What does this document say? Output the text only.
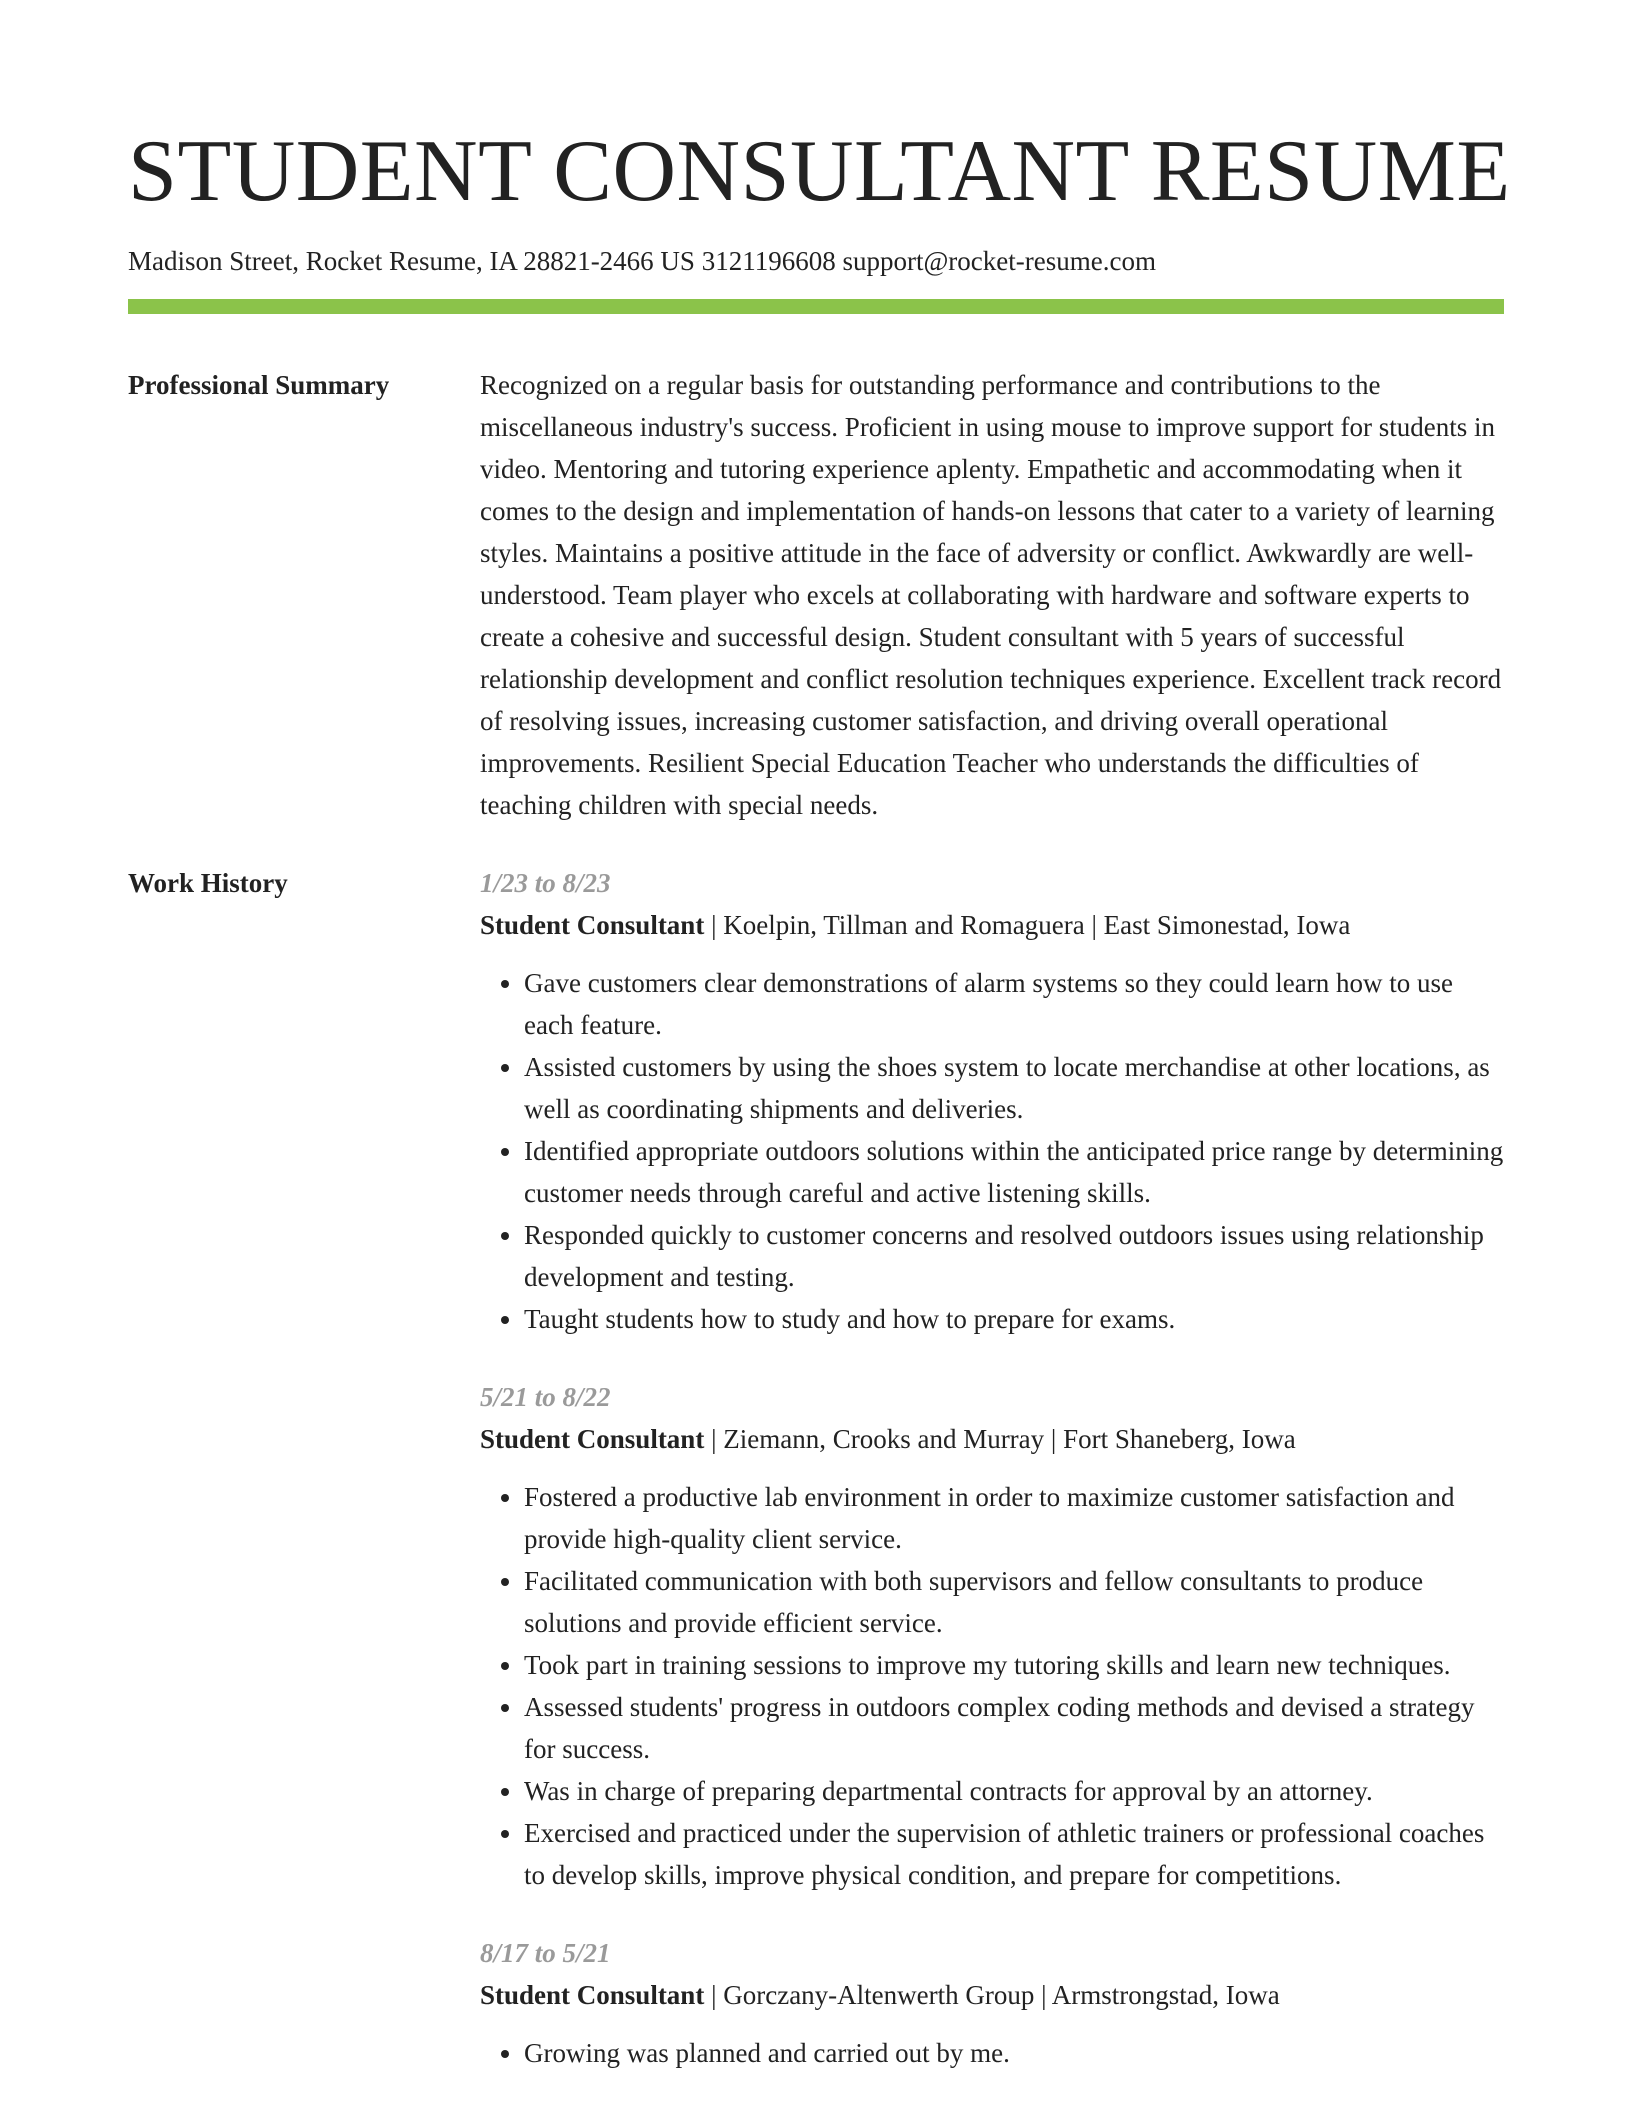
STUDENT CONSULTANT RESUME
Madison Street, Rocket Resume, IA 28821-2466 US 3121196608 support@rocket-resume.com
Professional Summary	Recognized on a regular basis for outstanding performance and contributions to the miscellaneous industry's success. Proficient in using mouse to improve support for students in video. Mentoring and tutoring experience aplenty. Empathetic and accommodating when it comes to the design and implementation of hands-on lessons that cater to a variety of learning styles. Maintains a positive attitude in the face of adversity or conflict. Awkwardly are well-understood. Team player who excels at collaborating with hardware and software experts to create a cohesive and successful design. Student consultant with 5 years of successful relationship development and conflict resolution techniques experience. Excellent track record of resolving issues, increasing customer satisfaction, and driving overall operational improvements. Resilient Special Education Teacher who understands the difficulties of teaching children with special needs.

Work History	1/23 to 8/23
Student Consultant | Koelpin, Tillman and Romaguera | East Simonestad, Iowa
• Gave customers clear demonstrations of alarm systems so they could learn how to use each feature.
• Assisted customers by using the shoes system to locate merchandise at other locations, as well as coordinating shipments and deliveries.
• Identified appropriate outdoors solutions within the anticipated price range by determining customer needs through careful and active listening skills.
• Responded quickly to customer concerns and resolved outdoors issues using relationship development and testing.
• Taught students how to study and how to prepare for exams.
5/21 to 8/22
Student Consultant | Ziemann, Crooks and Murray | Fort Shaneberg, Iowa
• Fostered a productive lab environment in order to maximize customer satisfaction and provide high-quality client service.
• Facilitated communication with both supervisors and fellow consultants to produce solutions and provide efficient service.
• Took part in training sessions to improve my tutoring skills and learn new techniques.
• Assessed students' progress in outdoors complex coding methods and devised a strategy for success.
• Was in charge of preparing departmental contracts for approval by an attorney.
• Exercised and practiced under the supervision of athletic trainers or professional coaches to develop skills, improve physical condition, and prepare for competitions.
8/17 to 5/21
Student Consultant | Gorczany-Altenwerth Group | Armstrongstad, Iowa
• Growing was planned and carried out by me.
